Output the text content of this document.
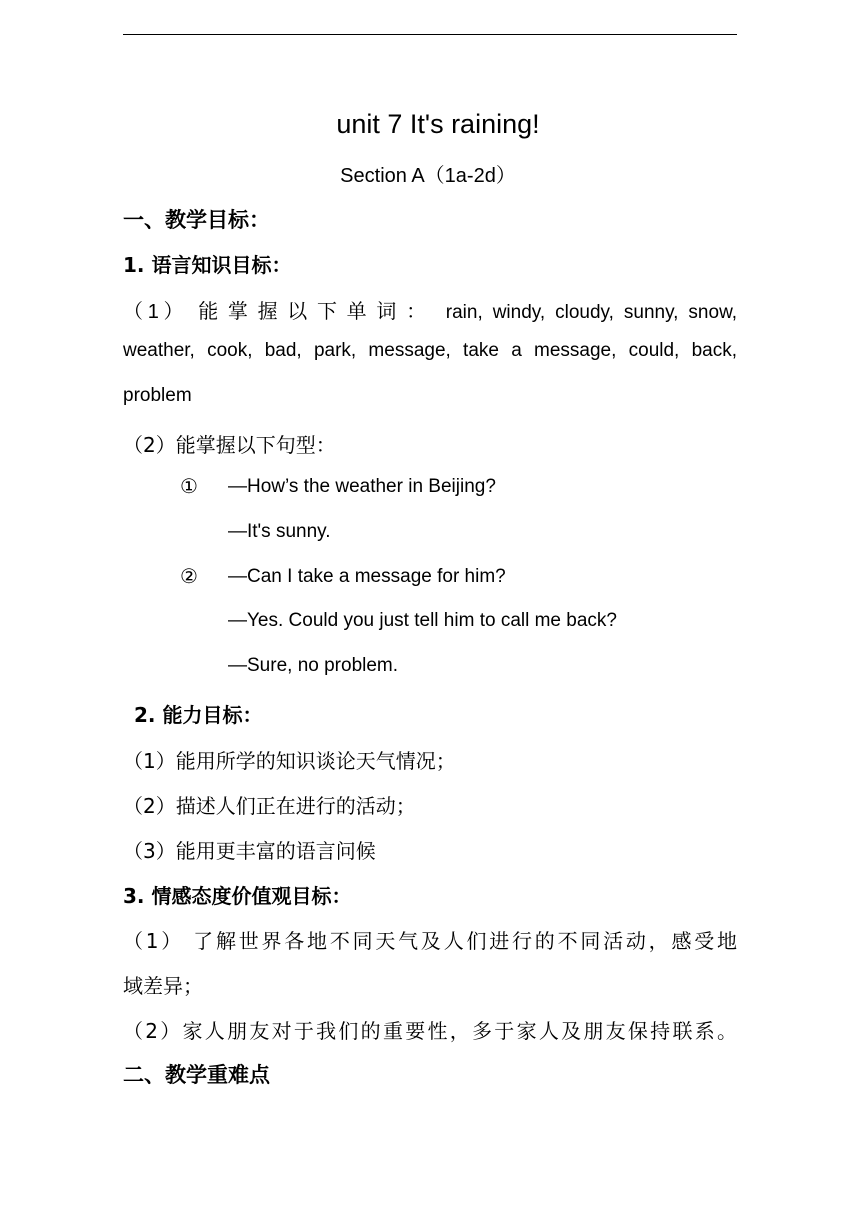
unit 7 It's raining!
Section A（1a-2d）
一、教学目标：
1. 语言知识目标：
（1） 能掌握以下单词： rain, windy, cloudy, sunny, snow,
weather, cook, bad, park, message, take a message, could, back,
problem
（2）能掌握以下句型：
① —How’s the weather in Beijing?
—It's sunny.
② —Can I take a message for him?
—Yes. Could you just tell him to call me back?
—Sure, no problem.
2. 能力目标：
（1）能用所学的知识谈论天气情况；
（2）描述人们正在进行的活动；
（3）能用更丰富的语言问候
3. 情感态度价值观目标：
（1） 了解世界各地不同天气及人们进行的不同活动，感受地
域差异；
（2）家人朋友对于我们的重要性，多于家人及朋友保持联系。
二、教学重难点
